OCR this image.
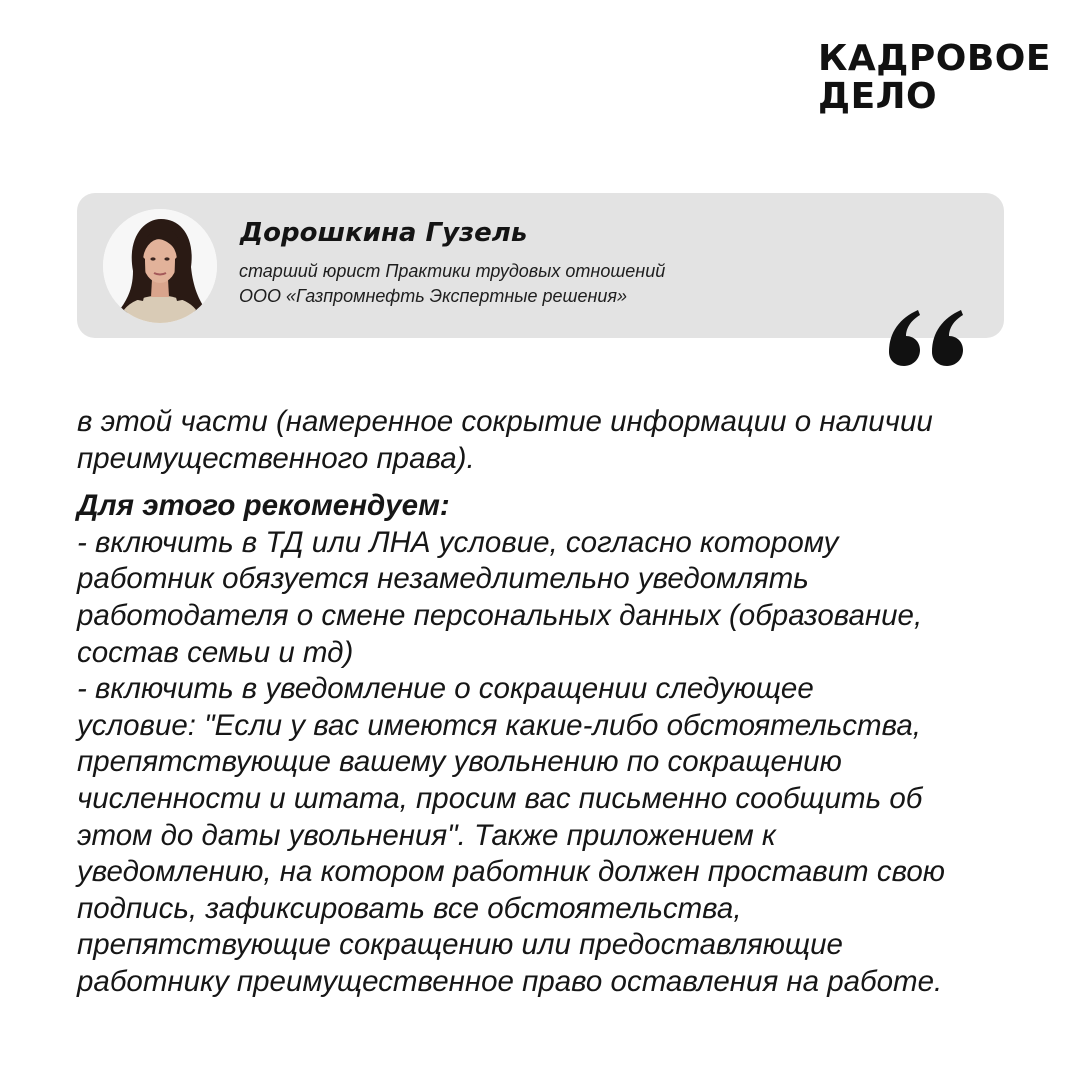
КАДРОВОЕ
ДЕЛО
Дорошкина Гузель
старший юрист Практики трудовых отношений
ООО «Газпромнефть Экспертные решения»
в этой части (намеренное сокрытие информации о наличии
преимущественного права).
Для этого рекомендуем:
- включить в ТД или ЛНА условие, согласно которому
работник обязуется незамедлительно уведомлять
работодателя о смене персональных данных (образование,
состав семьи и тд)
- включить в уведомление о сокращении следующее
условие: "Если у вас имеются какие-либо обстоятельства,
препятствующие вашему увольнению по сокращению
численности и штата, просим вас письменно сообщить об
этом до даты увольнения". Также приложением к
уведомлению, на котором работник должен проставит свою
подпись, зафиксировать все обстоятельства,
препятствующие сокращению или предоставляющие
работнику преимущественное право оставления на работе.
